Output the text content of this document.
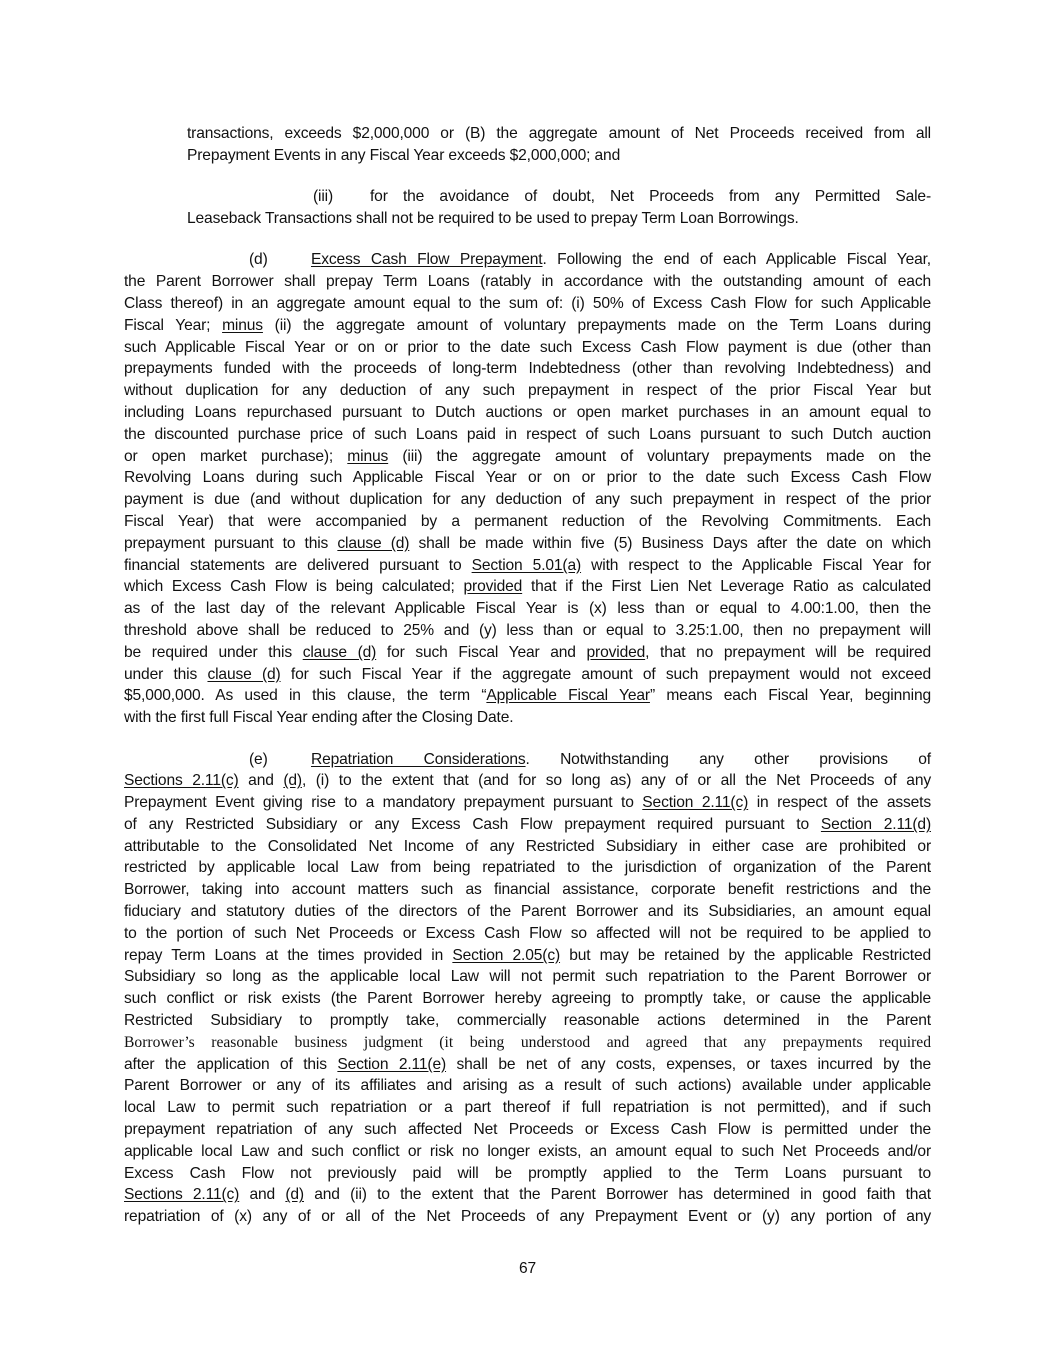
transactions, exceeds $2,000,000 or (B) the aggregate amount of Net Proceeds received from all
Prepayment Events in any Fiscal Year exceeds $2,000,000; and
(iii) for the avoidance of doubt, Net Proceeds from any Permitted Sale-
Leaseback Transactions shall not be required to be used to prepay Term Loan Borrowings.
(d)	Excess Cash Flow Prepayment. Following the end of each Applicable Fiscal Year,
the Parent Borrower shall prepay Term Loans (ratably in accordance with the outstanding amount of each
Class thereof) in an aggregate amount equal to the sum of: (i) 50% of Excess Cash Flow for such Applicable
Fiscal Year; minus (ii) the aggregate amount of voluntary prepayments made on the Term Loans during
such Applicable Fiscal Year or on or prior to the date such Excess Cash Flow payment is due (other than
prepayments funded with the proceeds of long-term Indebtedness (other than revolving Indebtedness) and
without duplication for any deduction of any such prepayment in respect of the prior Fiscal Year but
including Loans repurchased pursuant to Dutch auctions or open market purchases in an amount equal to
the discounted purchase price of such Loans paid in respect of such Loans pursuant to such Dutch auction
or open market purchase); minus (iii) the aggregate amount of voluntary prepayments made on the
Revolving Loans during such Applicable Fiscal Year or on or prior to the date such Excess Cash Flow
payment is due (and without duplication for any deduction of any such prepayment in respect of the prior
Fiscal Year) that were accompanied by a permanent reduction of the Revolving Commitments. Each
prepayment pursuant to this clause (d) shall be made within five (5) Business Days after the date on which
financial statements are delivered pursuant to Section 5.01(a) with respect to the Applicable Fiscal Year for
which Excess Cash Flow is being calculated; provided that if the First Lien Net Leverage Ratio as calculated
as of the last day of the relevant Applicable Fiscal Year is (x) less than or equal to 4.00:1.00, then the
threshold above shall be reduced to 25% and (y) less than or equal to 3.25:1.00, then no prepayment will
be required under this clause (d) for such Fiscal Year and provided, that no prepayment will be required
under this clause (d) for such Fiscal Year if the aggregate amount of such prepayment would not exceed
$5,000,000. As used in this clause, the term “Applicable Fiscal Year” means each Fiscal Year, beginning
with the first full Fiscal Year ending after the Closing Date.
(e)	Repatriation Considerations. Notwithstanding any other provisions of
Sections 2.11(c) and (d), (i) to the extent that (and for so long as) any of or all the Net Proceeds of any
Prepayment Event giving rise to a mandatory prepayment pursuant to Section 2.11(c) in respect of the assets
of any Restricted Subsidiary or any Excess Cash Flow prepayment required pursuant to Section 2.11(d)
attributable to the Consolidated Net Income of any Restricted Subsidiary in either case are prohibited or
restricted by applicable local Law from being repatriated to the jurisdiction of organization of the Parent
Borrower, taking into account matters such as financial assistance, corporate benefit restrictions and the
fiduciary and statutory duties of the directors of the Parent Borrower and its Subsidiaries, an amount equal
to the portion of such Net Proceeds or Excess Cash Flow so affected will not be required to be applied to
repay Term Loans at the times provided in Section 2.05(c) but may be retained by the applicable Restricted
Subsidiary so long as the applicable local Law will not permit such repatriation to the Parent Borrower or
such conflict or risk exists (the Parent Borrower hereby agreeing to promptly take, or cause the applicable
Restricted Subsidiary to promptly take, commercially reasonable actions determined in the Parent
Borrower’s reasonable business judgment (it being understood and agreed that any prepayments required
after the application of this Section 2.11(e) shall be net of any costs, expenses, or taxes incurred by the
Parent Borrower or any of its affiliates and arising as a result of such actions) available under applicable
local Law to permit such repatriation or a part thereof if full repatriation is not permitted), and if such
prepayment repatriation of any such affected Net Proceeds or Excess Cash Flow is permitted under the
applicable local Law and such conflict or risk no longer exists, an amount equal to such Net Proceeds and/or
Excess Cash Flow not previously paid will be promptly applied to the Term Loans pursuant to
Sections 2.11(c) and (d) and (ii) to the extent that the Parent Borrower has determined in good faith that
repatriation of (x) any of or all of the Net Proceeds of any Prepayment Event or (y) any portion of any
67
